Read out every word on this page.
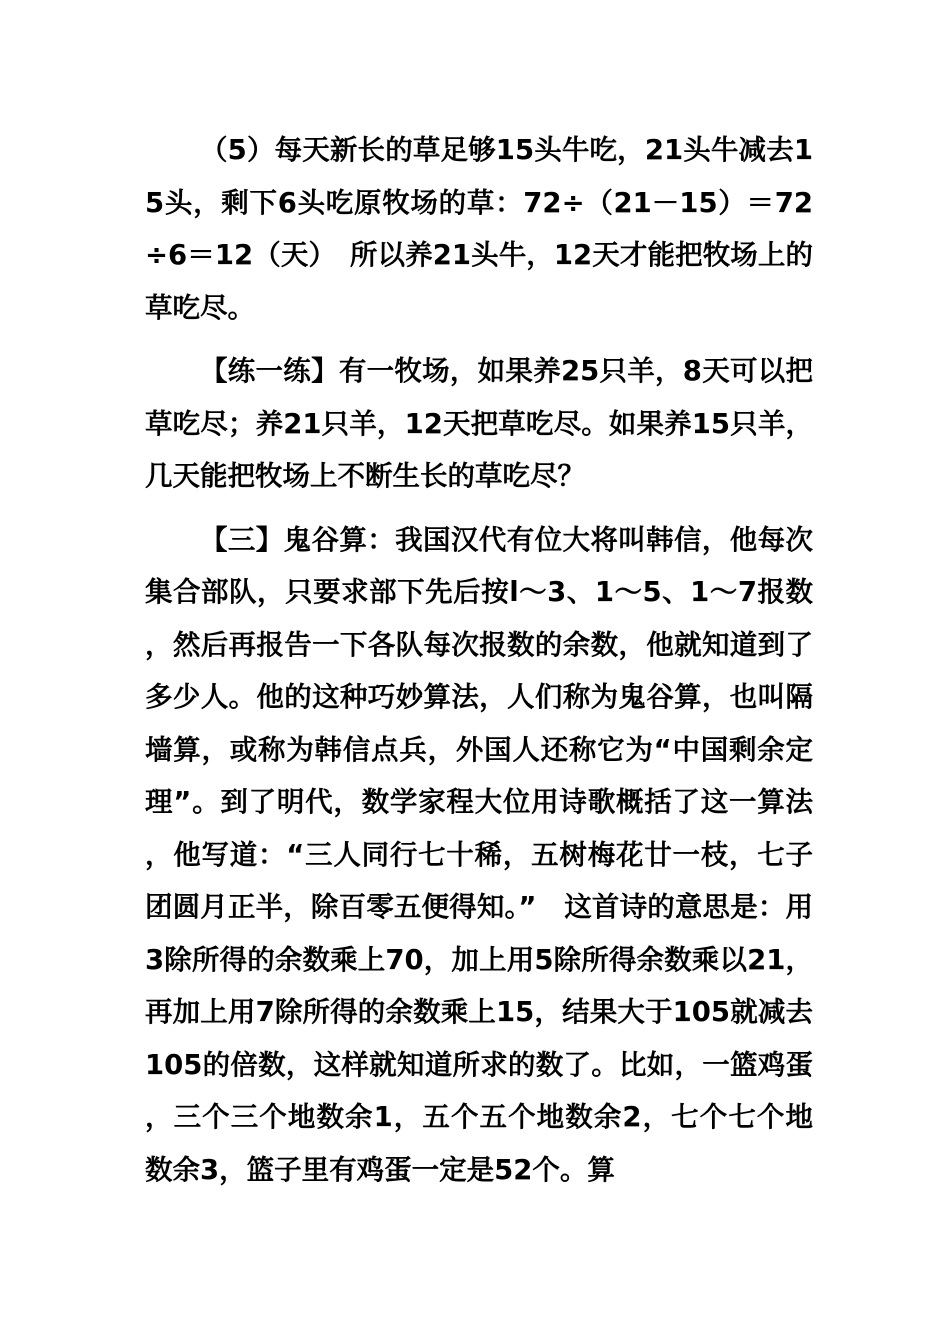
（5）每天新长的草足够15头牛吃，21头牛减去15头，剩下6头吃原牧场的草：72÷（21－15）＝72÷6＝12（天）　所以养21头牛，12天才能把牧场上的草吃尽。

【练一练】有一牧场，如果养25只羊，8天可以把草吃尽；养21只羊，12天把草吃尽。如果养15只羊，几天能把牧场上不断生长的草吃尽？

【三】鬼谷算：我国汉代有位大将叫韩信，他每次集合部队，只要求部下先后按l～3、1～5、1～7报数，然后再报告一下各队每次报数的余数，他就知道到了多少人。他的这种巧妙算法，人们称为鬼谷算，也叫隔墙算，或称为韩信点兵，外国人还称它为“中国剩余定理”。到了明代，数学家程大位用诗歌概括了这一算法，他写道：“三人同行七十稀，五树梅花廿一枝，七子团圆月正半，除百零五便得知。”　这首诗的意思是：用3除所得的余数乘上70，加上用5除所得余数乘以21，再加上用7除所得的余数乘上15，结果大于105就减去105的倍数，这样就知道所求的数了。比如，一篮鸡蛋，三个三个地数余1，五个五个地数余2，七个七个地数余3，篮子里有鸡蛋一定是52个。算
